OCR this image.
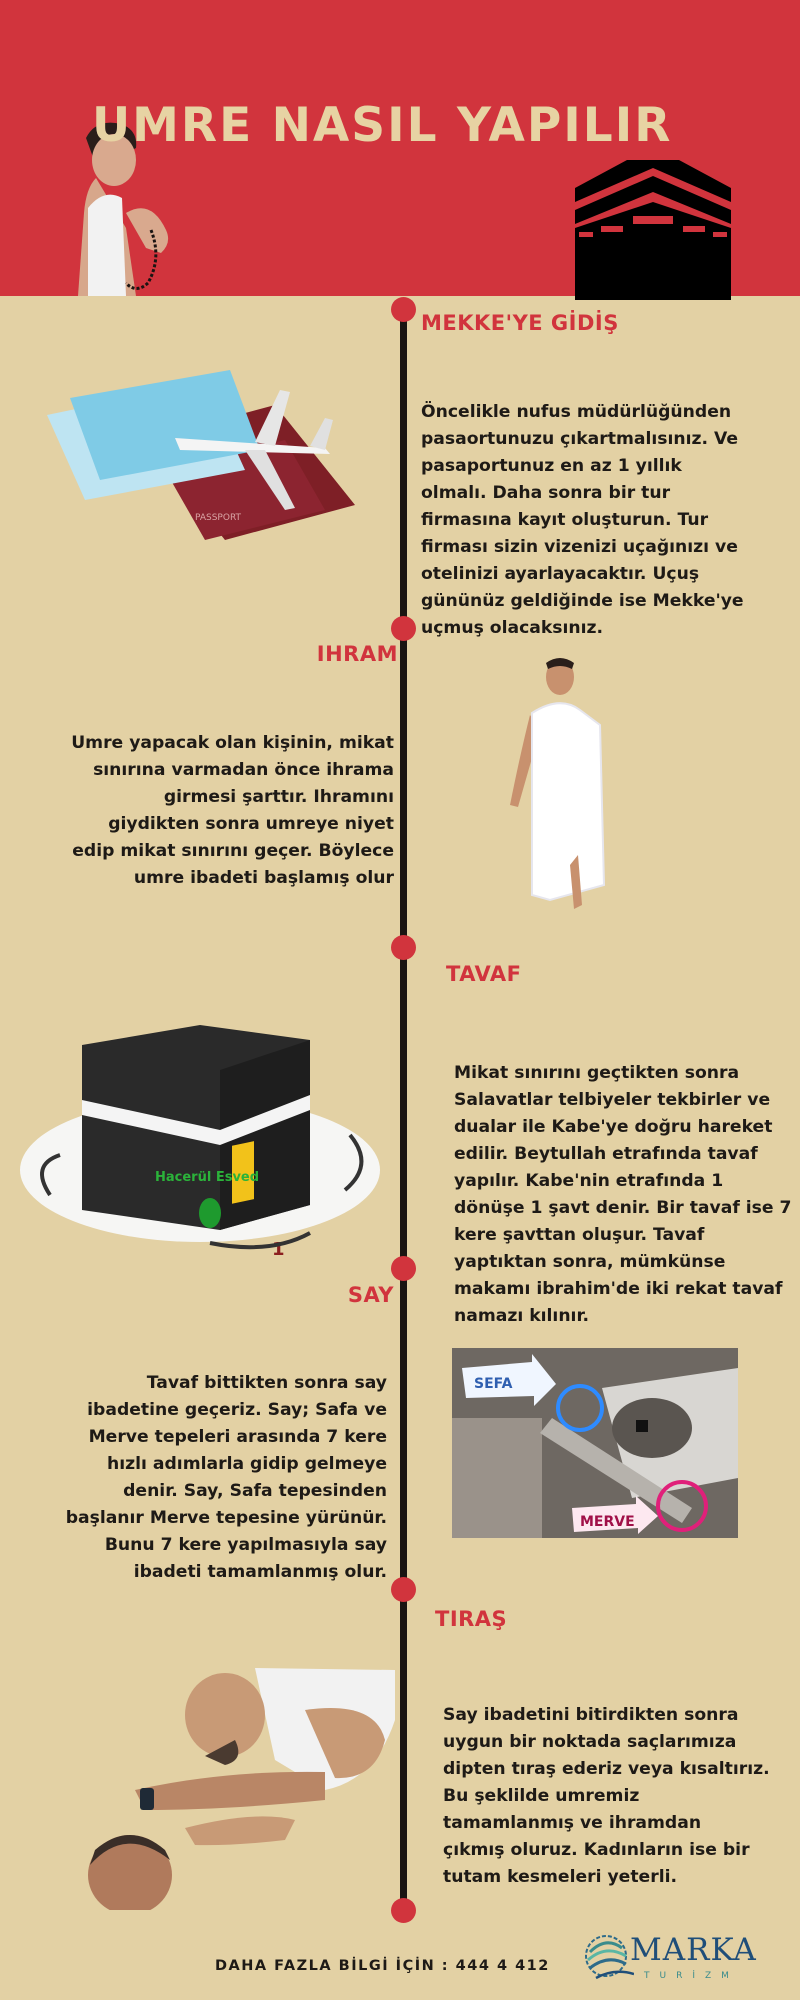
UMRE NASIL YAPILIR
MEKKE'YE GİDİŞ
Öncelikle nufus müdürlüğünden
pasaortunuzu çıkartmalısınız. Ve
pasaportunuz en az 1 yıllık
olmalı. Daha sonra bir tur
firmasına kayıt oluşturun. Tur
firması sizin vizenizi uçağınızı ve
otelinizi ayarlayacaktır. Uçuş
gününüz geldiğinde ise Mekke'ye
uçmuş olacaksınız.
PASSPORT
IHRAM
Umre yapacak olan kişinin, mikat
sınırına varmadan önce ihrama
girmesi şarttır. Ihramını
giydikten sonra umreye niyet
edip mikat sınırını geçer. Böylece
umre ibadeti başlamış olur
TAVAF
Mikat sınırını geçtikten sonra
Salavatlar telbiyeler tekbirler ve
dualar ile Kabe'ye doğru hareket
edilir. Beytullah etrafında tavaf
yapılır. Kabe'nin etrafında 1
dönüşe 1 şavt denir. Bir tavaf ise 7
kere şavttan oluşur. Tavaf
yaptıktan sonra, mümkünse
makamı ibrahim'de iki rekat tavaf
namazı kılınır.
Hacerül Esved
1
SAY
Tavaf bittikten sonra say
ibadetine geçeriz. Say; Safa ve
Merve tepeleri arasında 7 kere
hızlı adımlarla gidip gelmeye
denir. Say, Safa tepesinden
başlanır Merve tepesine yürünür.
Bunu 7 kere yapılmasıyla say
ibadeti tamamlanmış olur.
SEFA
MERVE
TIRAŞ
Say ibadetini bitirdikten sonra
uygun bir noktada saçlarımıza
dipten tıraş ederiz veya kısaltırız.
Bu şeklilde umremiz
tamamlanmış ve ihramdan
çıkmış oluruz. Kadınların ise bir
tutam kesmeleri yeterli.
DAHA FAZLA BİLGİ İÇİN : 444 4 412	MARKA
TURİZM
